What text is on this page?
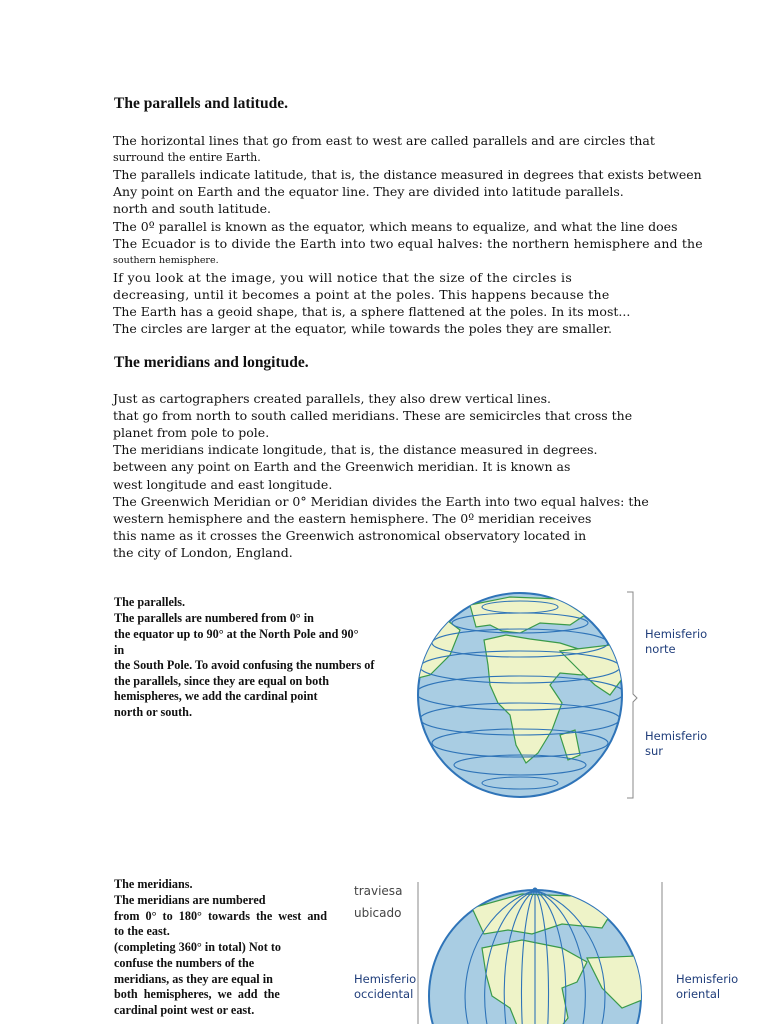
The parallels and latitude.
The horizontal lines that go from east to west are called parallels and are circles that
surround the entire Earth.
The parallels indicate latitude, that is, the distance measured in degrees that exists between
Any point on Earth and the equator line. They are divided into latitude parallels.
north and south latitude.
The 0º parallel is known as the equator, which means to equalize, and what the line does
The Ecuador is to divide the Earth into two equal halves: the northern hemisphere and the
southern hemisphere.
If you look at the image, you will notice that the size of the circles is
decreasing, until it becomes a point at the poles. This happens because the
The Earth has a geoid shape, that is, a sphere flattened at the poles. In its most...
The circles are larger at the equator, while towards the poles they are smaller.
The meridians and longitude.
Just as cartographers created parallels, they also drew vertical lines.
that go from north to south called meridians. These are semicircles that cross the
planet from pole to pole.
The meridians indicate longitude, that is, the distance measured in degrees.
between any point on Earth and the Greenwich meridian. It is known as
west longitude and east longitude.
The Greenwich Meridian or 0° Meridian divides the Earth into two equal halves: the
western hemisphere and the eastern hemisphere. The 0º meridian receives
this name as it crosses the Greenwich astronomical observatory located in
the city of London, England.
The parallels.
The parallels are numbered from 0° in
the equator up to 90° at the North Pole and 90°
in
the South Pole. To avoid confusing the numbers of
the parallels, since they are equal on both
hemispheres, we add the cardinal point
north or south.
Hemisferio
norte
Hemisferio
sur
The meridians.
The meridians are numbered
from 0° to 180° towards the west and
to the east.
(completing 360° in total) Not to
confuse the numbers of the
meridians, as they are equal in
both hemispheres, we add the
cardinal point west or east.
traviesa
ubicado
Hemisferio
occidental
Hemisferio
oriental
